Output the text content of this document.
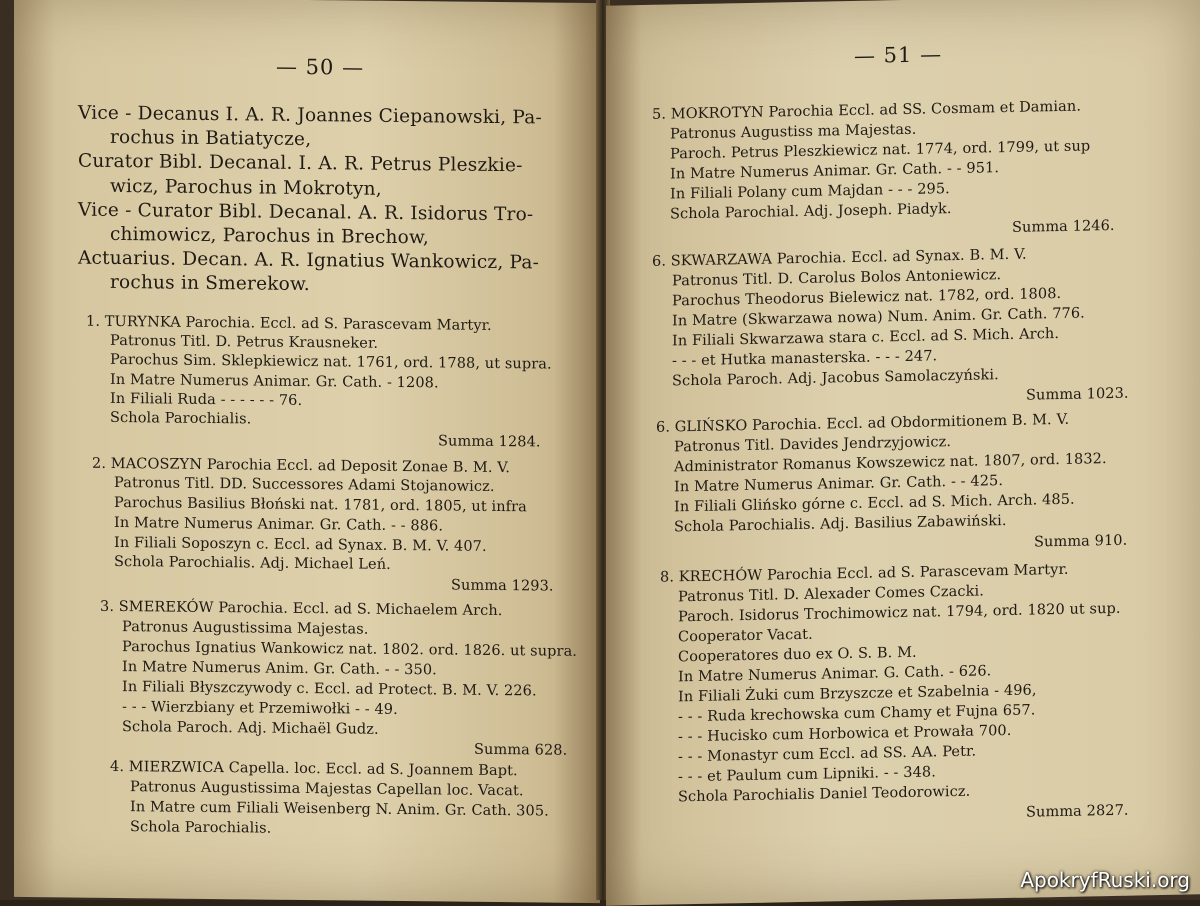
— 50 —
Vice - Decanus I. A. R. Joannes Ciepanowski, Pa-
rochus in Batiatycze,
Curator Bibl. Decanal. I. A. R. Petrus Pleszkie-
wicz, Parochus in Mokrotyn,
Vice - Curator Bibl. Decanal. A. R. Isidorus Tro-
chimowicz, Parochus in Brechow,
Actuarius. Decan. A. R. Ignatius Wankowicz, Pa-
rochus in Smerekow.
1. TURYNKA Parochia. Eccl. ad S. Parascevam Martyr.
Patronus Titl. D. Petrus Krausneker.
Parochus Sim. Sklepkiewicz nat. 1761, ord. 1788, ut supra.
In Matre Numerus Animar. Gr. Cath. - 1208.
In Filiali Ruda - - - - - - 76.
Schola Parochialis.
Summa 1284.
2. MACOSZYN Parochia Eccl. ad Deposit Zonae B. M. V.
Patronus Titl. DD. Successores Adami Stojanowicz.
Parochus Basilius Błoński nat. 1781, ord. 1805, ut infra
In Matre Numerus Animar. Gr. Cath. - - 886.
In Filiali Soposzyn c. Eccl. ad Synax. B. M. V. 407.
Schola Parochialis. Adj. Michael Leń.
Summa 1293.
3. SMEREKÓW Parochia. Eccl. ad S. Michaelem Arch.
Patronus Augustissima Majestas.
Parochus Ignatius Wankowicz nat. 1802. ord. 1826. ut supra.
In Matre Numerus Anim. Gr. Cath. - - 350.
In Filiali Błyszczywody c. Eccl. ad Protect. B. M. V. 226.
- - - Wierzbiany et Przemiwołki - - 49.
Schola Paroch. Adj. Michaël Gudz.
Summa 628.
4. MIERZWICA Capella. loc. Eccl. ad S. Joannem Bapt.
Patronus Augustissima Majestas Capellan loc. Vacat.
In Matre cum Filiali Weisenberg N. Anim. Gr. Cath. 305.
Schola Parochialis.
— 51 —
5. MOKROTYN Parochia Eccl. ad SS. Cosmam et Damian.
Patronus Augustiss ma Majestas.
Paroch. Petrus Pleszkiewicz nat. 1774, ord. 1799, ut sup
In Matre Numerus Animar. Gr. Cath. - - 951.
In Filiali Polany cum Majdan - - - 295.
Schola Parochial. Adj. Joseph. Piadyk.
Summa 1246.
6. SKWARZAWA Parochia. Eccl. ad Synax. B. M. V.
Patronus Titl. D. Carolus Bolos Antoniewicz.
Parochus Theodorus Bielewicz nat. 1782, ord. 1808.
In Matre (Skwarzawa nowa) Num. Anim. Gr. Cath. 776.
In Filiali Skwarzawa stara c. Eccl. ad S. Mich. Arch.
- - - et Hutka manasterska. - - - 247.
Schola Paroch. Adj. Jacobus Samolaczyński.
Summa 1023.
6. GLIŃSKO Parochia. Eccl. ad Obdormitionem B. M. V.
Patronus Titl. Davides Jendrzyjowicz.
Administrator Romanus Kowszewicz nat. 1807, ord. 1832.
In Matre Numerus Animar. Gr. Cath. - - 425.
In Filiali Glińsko górne c. Eccl. ad S. Mich. Arch. 485.
Schola Parochialis. Adj. Basilius Zabawiński.
Summa 910.
8. KRECHÓW Parochia Eccl. ad S. Parascevam Martyr.
Patronus Titl. D. Alexader Comes Czacki.
Paroch. Isidorus Trochimowicz nat. 1794, ord. 1820 ut sup.
Cooperator Vacat.
Cooperatores duo ex O. S. B. M.
In Matre Numerus Animar. G. Cath. - 626.
In Filiali Żuki cum Brzyszcze et Szabelnia - 496,
- - - Ruda krechowska cum Chamy et Fujna 657.
- - - Hucisko cum Horbowica et Prowała 700.
- - - Monastyr cum Eccl. ad SS. AA. Petr.
- - - et Paulum cum Lipniki. - - 348.
Schola Parochialis Daniel Teodorowicz.
Summa 2827.
ApokryfRuski.org
